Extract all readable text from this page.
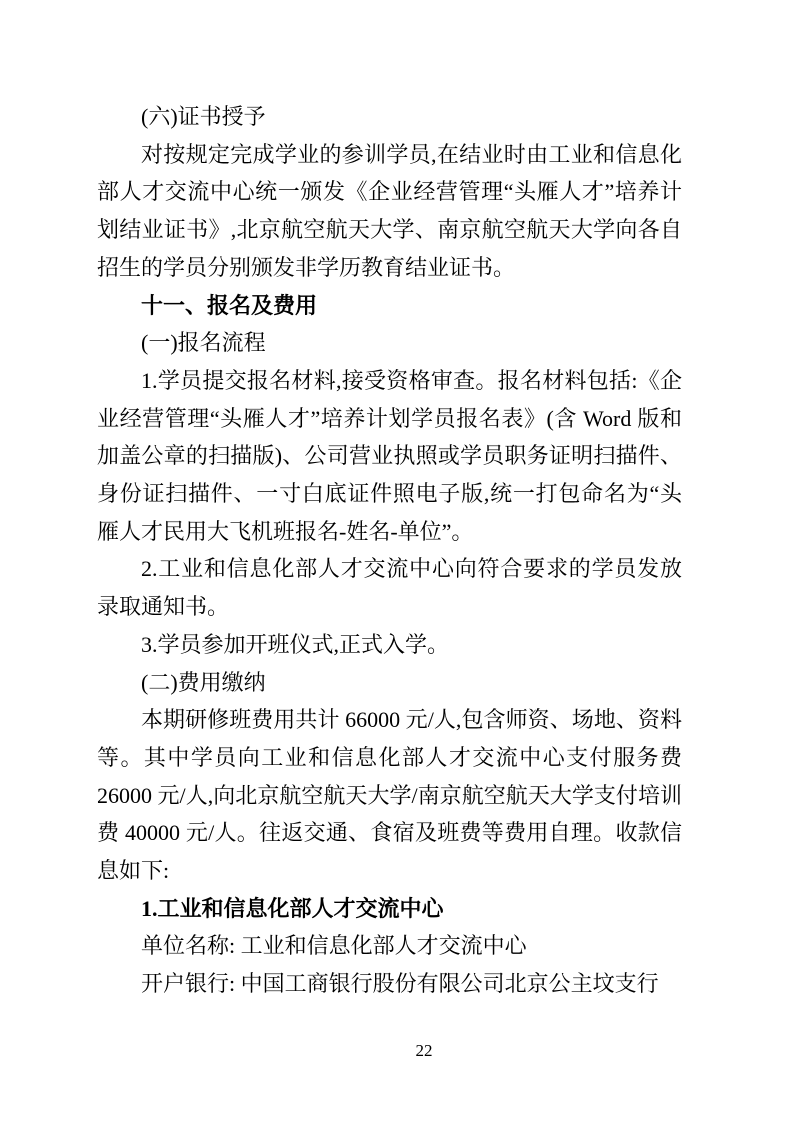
(六)证书授予

对按规定完成学业的参训学员,在结业时由工业和信息化部人才交流中心统一颁发《企业经营管理“头雁人才”培养计划结业证书》,北京航空航天大学、南京航空航天大学向各自招生的学员分别颁发非学历教育结业证书。

十一、报名及费用

(一)报名流程

1.学员提交报名材料,接受资格审查。报名材料包括:《企业经营管理“头雁人才”培养计划学员报名表》(含 Word 版和加盖公章的扫描版)、公司营业执照或学员职务证明扫描件、身份证扫描件、一寸白底证件照电子版,统一打包命名为“头雁人才民用大飞机班报名-姓名-单位”。

2.工业和信息化部人才交流中心向符合要求的学员发放录取通知书。

3.学员参加开班仪式,正式入学。

(二)费用缴纳

本期研修班费用共计 66000 元/人,包含师资、场地、资料等。其中学员向工业和信息化部人才交流中心支付服务费 26000 元/人,向北京航空航天大学/南京航空航天大学支付培训费 40000 元/人。往返交通、食宿及班费等费用自理。收款信息如下:

1.工业和信息化部人才交流中心

单位名称: 工业和信息化部人才交流中心

开户银行: 中国工商银行股份有限公司北京公主坟支行

22
